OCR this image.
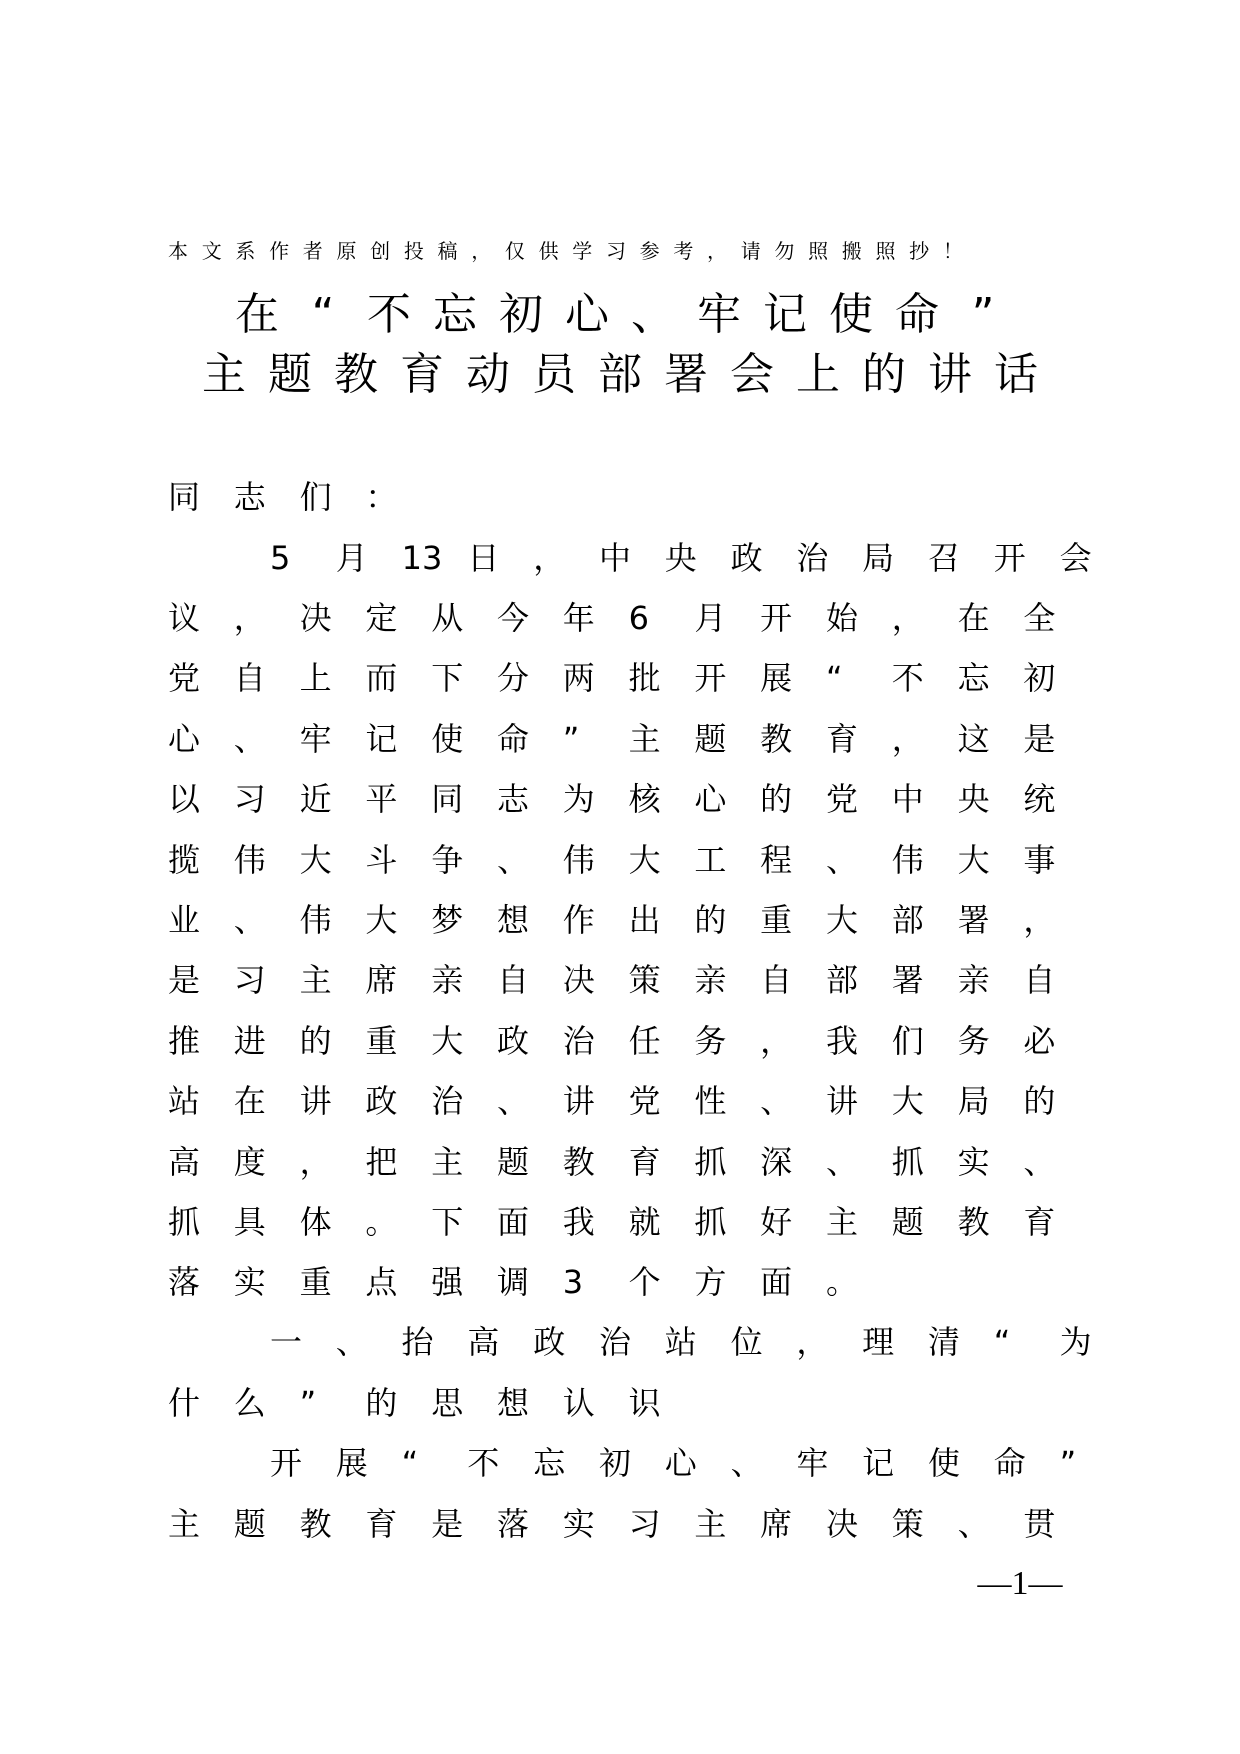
本 文 系 作 者 原 创 投 稿 ， 仅 供 学 习 参 考 ， 请 勿 照 搬 照 抄 ！
在 “ 不 忘 初 心 、 牢 记 使 命 ”
主 题 教 育 动 员 部 署 会 上 的 讲 话
同 志 们 ：
5 月 13 日 ， 中 央 政 治 局 召 开 会
议 ， 决 定 从 今 年 6 月 开 始 ， 在 全
党 自 上 而 下 分 两 批 开 展 “ 不 忘 初
心 、 牢 记 使 命 ” 主 题 教 育 ， 这 是
以 习 近 平 同 志 为 核 心 的 党 中 央 统
揽 伟 大 斗 争 、 伟 大 工 程 、 伟 大 事
业 、 伟 大 梦 想 作 出 的 重 大 部 署 ，
是 习 主 席 亲 自 决 策 亲 自 部 署 亲 自
推 进 的 重 大 政 治 任 务 ， 我 们 务 必
站 在 讲 政 治 、 讲 党 性 、 讲 大 局 的
高 度 ， 把 主 题 教 育 抓 深 、 抓 实 、
抓 具 体 。 下 面 我 就 抓 好 主 题 教 育
落 实 重 点 强 调 3 个 方 面 。
一 、 抬 高 政 治 站 位 ， 理 清 “ 为
什 么 ” 的 思 想 认 识
开 展 “ 不 忘 初 心 、 牢 记 使 命 ”
主 题 教 育 是 落 实 习 主 席 决 策 、 贯
—1—
